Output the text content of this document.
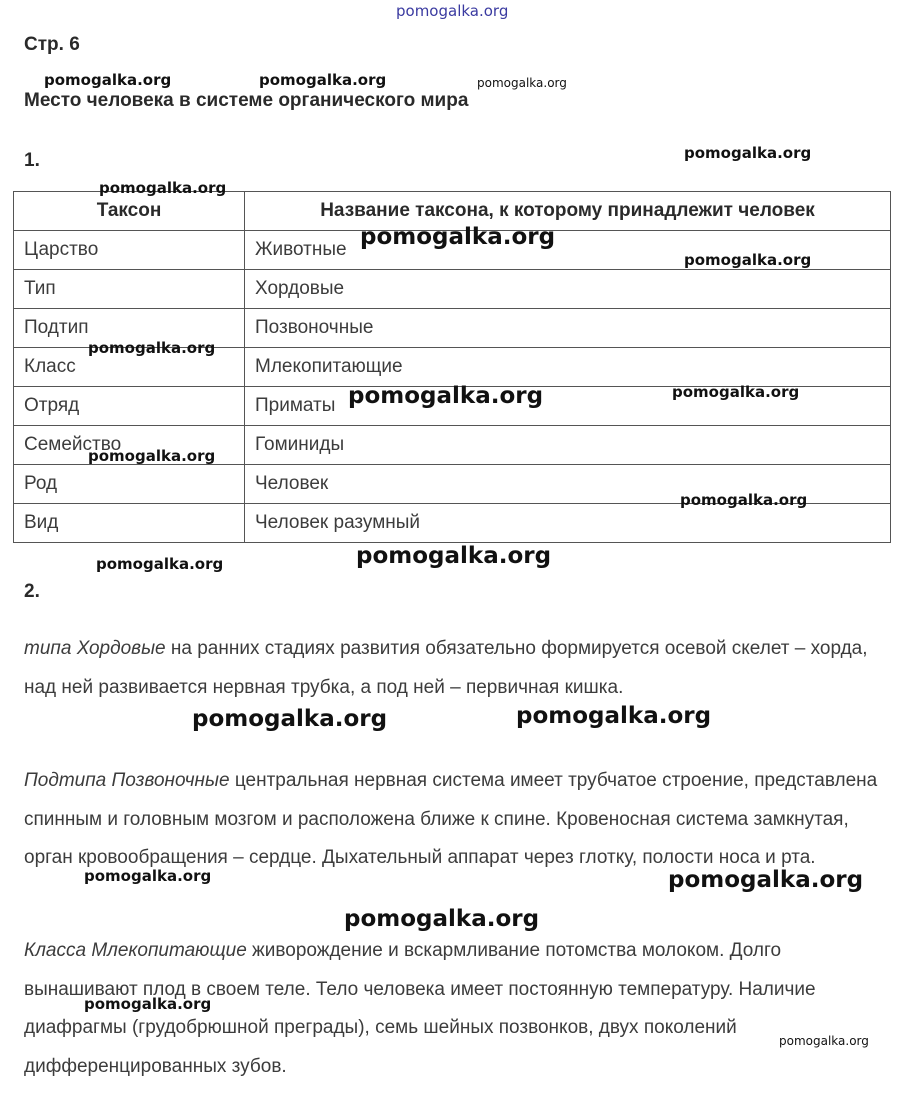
pomogalka.org
Стр. 6
Место человека в системе органического мира
1.
Таксон	Название таксона, к которому принадлежит человек
Царство	Животные
Тип	Хордовые
Подтип	Позвоночные
Класс	Млекопитающие
Отряд	Приматы
Семейство	Гоминиды
Род	Человек
Вид	Человек разумный
2.
типа Хордовые на ранних стадиях развития обязательно формируется осевой скелет – хорда, над ней развивается нервная трубка, а под ней – первичная кишка.
Подтипа Позвоночные центральная нервная система имеет трубчатое строение, представлена спинным и головным мозгом и расположена ближе к спине. Кровеносная система замкнутая, орган кровообращения – сердце. Дыхательный аппарат через глотку, полости носа и рта.
Класса Млекопитающие живорождение и вскармливание потомства молоком. Долго вынашивают плод в своем теле. Тело человека имеет постоянную температуру. Наличие диафрагмы (грудобрюшной преграды), семь шейных позвонков, двух поколений дифференцированных зубов.
pomogalka.org	pomogalka.org	pomogalka.org
pomogalka.org
pomogalka.org
pomogalka.org
pomogalka.org
pomogalka.org
pomogalka.org	pomogalka.org
pomogalka.org
pomogalka.org
pomogalka.org
pomogalka.org
pomogalka.org	pomogalka.org
pomogalka.org	pomogalka.org
pomogalka.org
pomogalka.org
pomogalka.org
